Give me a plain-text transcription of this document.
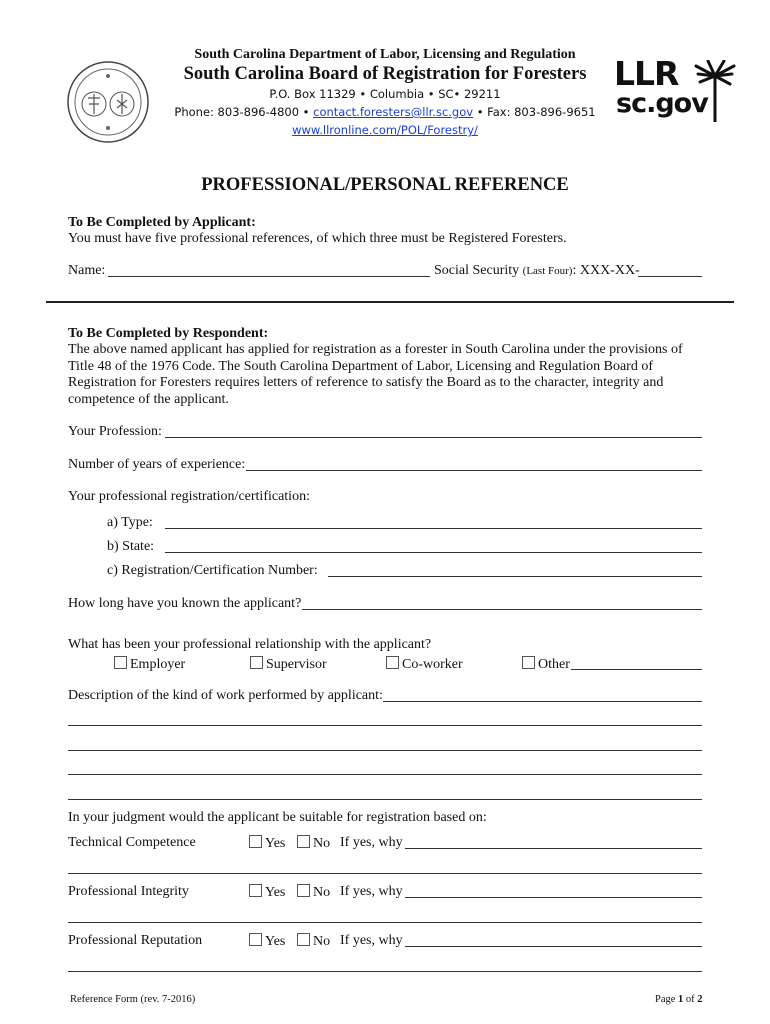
South Carolina Department of Labor, Licensing and Regulation
South Carolina Board of Registration for Foresters
P.O. Box 11329 • Columbia • SC• 29211
Phone: 803-896-4800 • contact.foresters@llr.sc.gov • Fax: 803-896-9651
www.llronline.com/POL/Forestry/
LLR
sc.gov
PROFESSIONAL/PERSONAL REFERENCE
To Be Completed by Applicant:
You must have five professional references, of which three must be Registered Foresters.
Name:	Social Security (Last Four): XXX-XX-
To Be Completed by Respondent:
The above named applicant has applied for registration as a forester in South Carolina under the provisions of Title 48 of the 1976 Code. The South Carolina Department of Labor, Licensing and Regulation Board of Registration for Foresters requires letters of reference to satisfy the Board as to the character, integrity and competence of the applicant.
Your Profession:
Number of years of experience:
Your professional registration/certification:
a) Type:
b) State:
c) Registration/Certification Number:
How long have you known the applicant?
What has been your professional relationship with the applicant?
Employer	Supervisor	Co-worker	Other
Description of the kind of work performed by applicant:
In your judgment would the applicant be suitable for registration based on:
Technical Competence	Yes	No If yes, why
Professional Integrity	Yes	No If yes, why
Professional Reputation	Yes	No If yes, why
Reference Form (rev. 7-2016)	Page 1 of 2
